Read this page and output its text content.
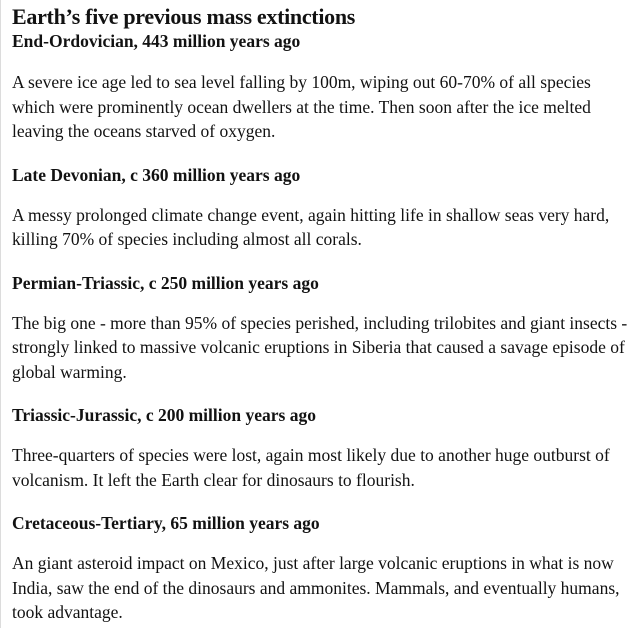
Earth’s five previous mass extinctions
End-Ordovician, 443 million years ago

A severe ice age led to sea level falling by 100m, wiping out 60-70% of all species which were prominently ocean dwellers at the time. Then soon after the ice melted leaving the oceans starved of oxygen.

Late Devonian, c 360 million years ago

A messy prolonged climate change event, again hitting life in shallow seas very hard, killing 70% of species including almost all corals.

Permian-Triassic, c 250 million years ago

The big one - more than 95% of species perished, including trilobites and giant insects - strongly linked to massive volcanic eruptions in Siberia that caused a savage episode of global warming.

Triassic-Jurassic, c 200 million years ago

Three-quarters of species were lost, again most likely due to another huge outburst of volcanism. It left the Earth clear for dinosaurs to flourish.

Cretaceous-Tertiary, 65 million years ago

An giant asteroid impact on Mexico, just after large volcanic eruptions in what is now India, saw the end of the dinosaurs and ammonites. Mammals, and eventually humans, took advantage.
